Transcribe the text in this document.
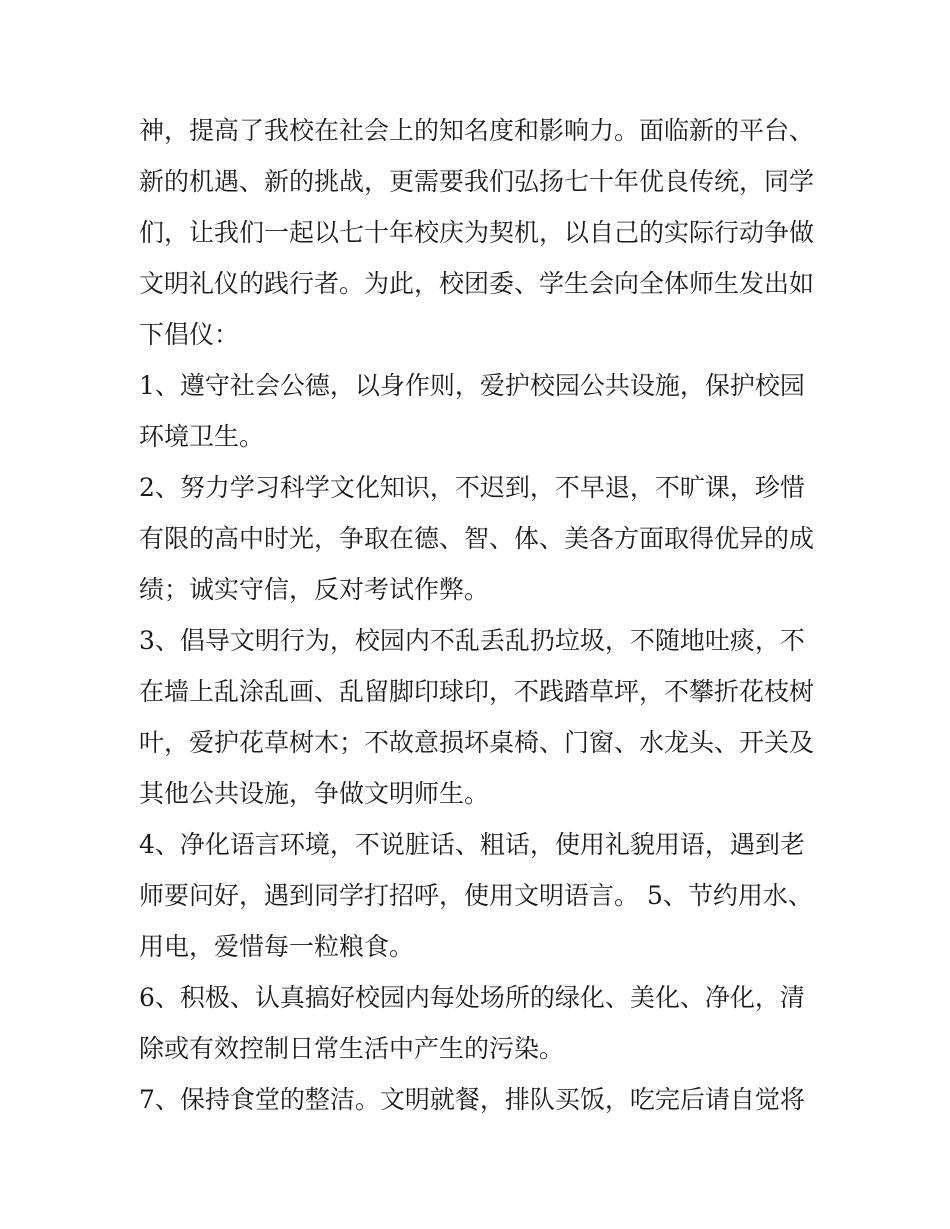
神，提高了我校在社会上的知名度和影响力。面临新的平台、新的机遇、新的挑战，更需要我们弘扬七十年优良传统，同学们，让我们一起以七十年校庆为契机，以自己的实际行动争做文明礼仪的践行者。为此，校团委、学生会向全体师生发出如下倡仪：

1、遵守社会公德，以身作则，爱护校园公共设施，保护校园环境卫生。

2、努力学习科学文化知识，不迟到，不早退，不旷课，珍惜有限的高中时光，争取在德、智、体、美各方面取得优异的成绩；诚实守信，反对考试作弊。

3、倡导文明行为，校园内不乱丢乱扔垃圾，不随地吐痰，不在墙上乱涂乱画、乱留脚印球印，不践踏草坪，不攀折花枝树叶，爱护花草树木；不故意损坏桌椅、门窗、水龙头、开关及其他公共设施，争做文明师生。

4、净化语言环境，不说脏话、粗话，使用礼貌用语，遇到老师要问好，遇到同学打招呼，使用文明语言。 5、节约用水、用电，爱惜每一粒粮食。

6、积极、认真搞好校园内每处场所的绿化、美化、净化，清除或有效控制日常生活中产生的污染。

7、保持食堂的整洁。文明就餐，排队买饭，吃完后请自觉将
